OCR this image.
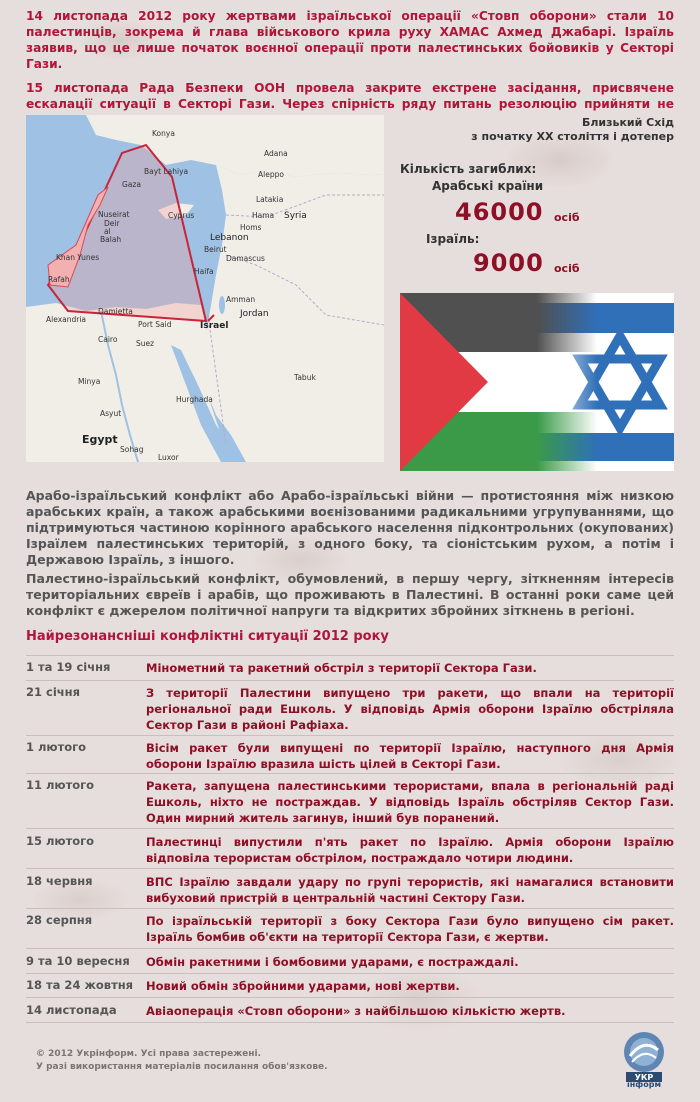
14 листопада 2012 року жертвами ізраїльської операції «Стовп оборони» стали 10 палестинців, зокрема й глава військового крила руху ХАМАС Ахмед Джабарі. Ізраїль заявив, що це лише початок воєнної операції проти палестинських бойовиків у Секторі Гази.
15 листопада Рада Безпеки ООН провела закрите екстрене засідання, присвячене ескалації ситуації в Секторі Гази. Через спірність ряду питань резолюцію прийняти не
Konya
Adana
Gaza
Bayt Lahiya
Nuseirat
Deir
al
Balah
Cyprus
Latakia
Aleppo
Hama
Homs
Syria
Lebanon
Beirut
Damascus
Haifa
Khan Yunes
Rafah
Amman
Jordan
Alexandria
Damietta
Port Said
Cairo
Israel
Suez
Tabuk
Minya
Hurghada
Asyut
Egypt
Sohag
Luxor
Близький Схід
з початку ХХ століття і дотепер
Кількість загиблих:
Арабські країни
46000 осіб
Ізраїль:
9000 осіб
Арабо-ізраїльський конфлікт або Арабо-ізраїльські війни — протистояння між низкою арабських країн, а також арабськими воєнізованими радикальними угрупуваннями, що підтримуються частиною корінного арабського населення підконтрольних (окупованих) Ізраїлем палестинських територій, з одного боку, та сіоністським рухом, а потім і Державою Ізраїль, з іншого.
Палестино-ізраїльський конфлікт, обумовлений, в першу чергу, зіткненням інтересів територіальних євреїв і арабів, що проживають в Палестині. В останні роки саме цей конфлікт є джерелом політичної напруги та відкритих збройних зіткнень в регіоні.
Найрезонансніші конфліктні ситуації 2012 року
1 та 19 січня	Мінометний та ракетний обстріл з території Сектора Гази.
21 січня	З території Палестини випущено три ракети, що впали на території регіональної ради Ешколь. У відповідь Армія оборони Ізраїлю обстріляла Сектор Гази в районі Рафіаха.
1 лютого	Вісім ракет були випущені по території Ізраїлю, наступного дня Армія оборони Ізраїлю вразила шість цілей в Секторі Гази.
11 лютого	Ракета, запущена палестинськими терористами, впала в регіональній раді Ешколь, ніхто не постраждав. У відповідь Ізраїль обстріляв Сектор Гази. Один мирний житель загинув, інший був поранений.
15 лютого	Палестинці випустили п'ять ракет по Ізраїлю. Армія оборони Ізраїлю відповіла терористам обстрілом, постраждало чотири людини.
18 червня	ВПС Ізраїлю завдали удару по групі терористів, які намагалися встановити вибуховий пристрій в центральній частині Сектору Гази.
28 серпня	По ізраїльській території з боку Сектора Гази було випущено сім ракет. Ізраїль бомбив об'єкти на території Сектора Гази, є жертви.
9 та 10 вересня	Обмін ракетними і бомбовими ударами, є постраждалі.
18 та 24 жовтня	Новий обмін збройними ударами, нові жертви.
14 листопада	Авіаоперація «Стовп оборони» з найбільшою кількістю жертв.
© 2012 Укрінформ. Усі права застережені.
У разі використання матеріалів посилання обов'язкове.
УКР
інформ
